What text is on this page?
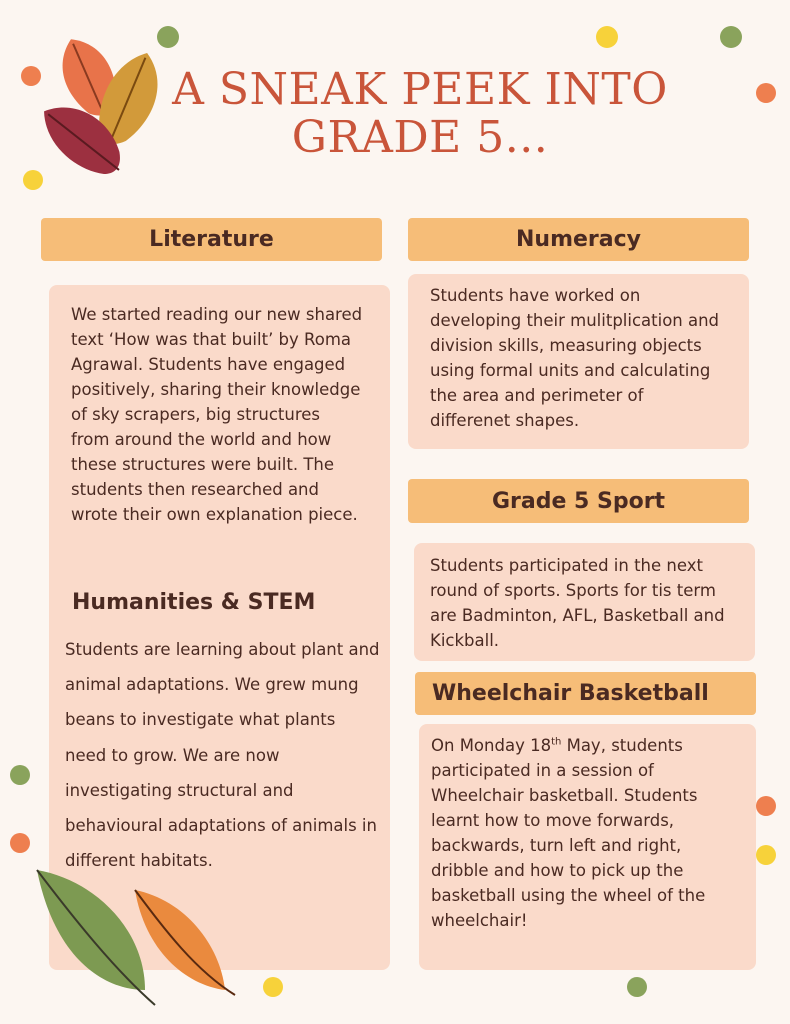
A SNEAK PEEK INTO
GRADE 5...
Literature

We started reading our new shared text ‘How was that built’ by Roma Agrawal. Students have engaged positively, sharing their knowledge of sky scrapers, big structures from around the world and how these structures were built. The students then researched and wrote their own explanation piece.

Humanities & STEM

Students are learning about plant and animal adaptations. We grew mung beans to investigate what plants need to grow. We are now investigating structural and behavioural adaptations of animals in different habitats.

Numeracy

Students have worked on developing their mulitplication and division skills, measuring objects using formal units and calculating the area and perimeter of differenet shapes.

Grade 5 Sport

Students participated in the next round of sports. Sports for tis term are Badminton, AFL, Basketball and Kickball.

Wheelchair Basketball

On Monday 18th May, students participated in a session of Wheelchair basketball. Students learnt how to move forwards, backwards, turn left and right, dribble and how to pick up the basketball using the wheel of the wheelchair!
